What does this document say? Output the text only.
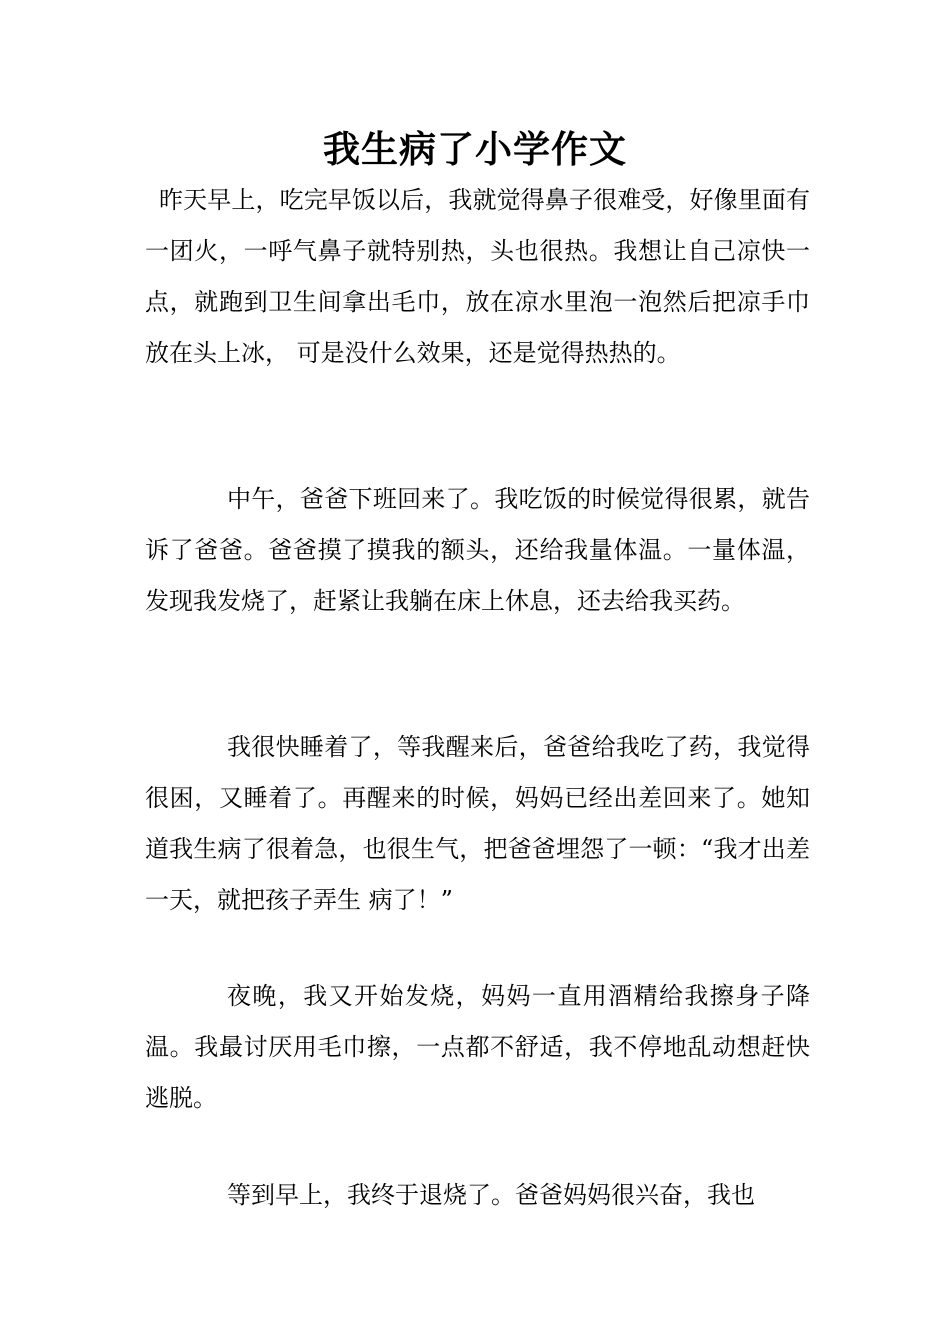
我生病了小学作文

昨天早上，吃完早饭以后，我就觉得鼻子很难受，好像里面有一团火，一呼气鼻子就特别热，头也很热。我想让自己凉快一点，就跑到卫生间拿出毛巾，放在凉水里泡一泡然后把凉手巾放在头上冰， 可是没什么效果，还是觉得热热的。

中午，爸爸下班回来了。我吃饭的时候觉得很累，就告诉了爸爸。爸爸摸了摸我的额头，还给我量体温。一量体温，发现我发烧了，赶紧让我躺在床上休息，还去给我买药。

我很快睡着了，等我醒来后，爸爸给我吃了药，我觉得很困，又睡着了。再醒来的时候，妈妈已经出差回来了。她知道我生病了很着急，也很生气，把爸爸埋怨了一顿：“我才出差一天，就把孩子弄生 病了！”

夜晚，我又开始发烧，妈妈一直用酒精给我擦身子降温。我最讨厌用毛巾擦，一点都不舒适，我不停地乱动想赶快逃脱。

等到早上，我终于退烧了。爸爸妈妈很兴奋，我也
